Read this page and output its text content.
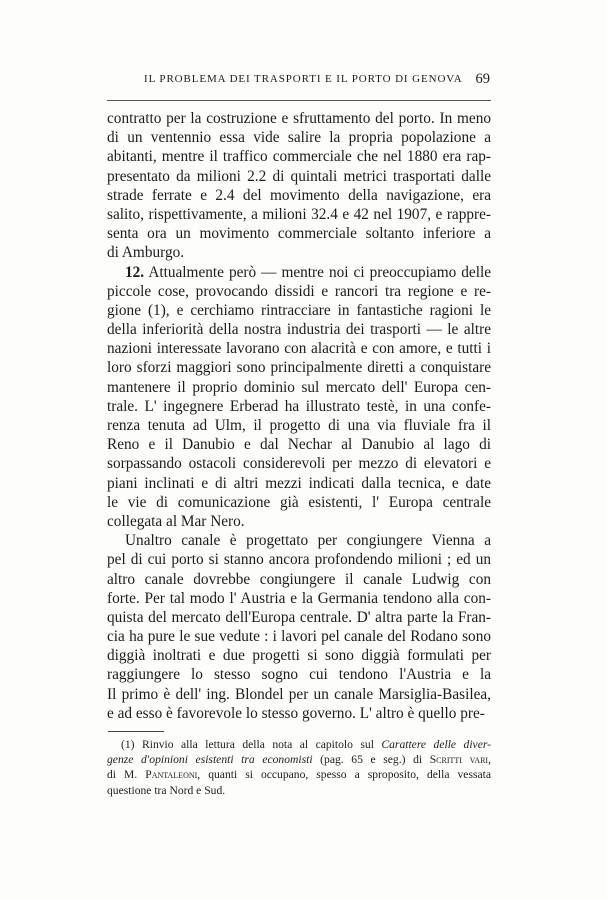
IL PROBLEMA DEI TRASPORTI E IL PORTO DI GENOVA 69
contratto per la costruzione e sfruttamento del porto. In meno
di un ventennio essa vide salire la propria popolazione a
abitanti, mentre il traffico commerciale che nel 1880 era rap-
presentato da milioni 2.2 di quintali metrici trasportati dalle
strade ferrate e 2.4 del movimento della navigazione, era
salito, rispettivamente, a milioni 32.4 e 42 nel 1907, e rappre-
senta ora un movimento commerciale soltanto inferiore a
di Amburgo.
12. Attualmente però — mentre noi ci preoccupiamo delle
piccole cose, provocando dissidi e rancori tra regione e re-
gione (1), e cerchiamo rintracciare in fantastiche ragioni le
della inferiorità della nostra industria dei trasporti — le altre
nazioni interessate lavorano con alacrità e con amore, e tutti i
loro sforzi maggiori sono principalmente diretti a conquistare
mantenere il proprio dominio sul mercato dell' Europa cen-
trale. L' ingegnere Erberad ha illustrato testè, in una confe-
renza tenuta ad Ulm, il progetto di una via fluviale fra il
Reno e il Danubio e dal Nechar al Danubio al lago di
sorpassando ostacoli considerevoli per mezzo di elevatori e
piani inclinati e di altri mezzi indicati dalla tecnica, e date
le vie di comunicazione già esistenti, l' Europa centrale
collegata al Mar Nero.
Unaltro canale è progettato per congiungere Vienna a
pel di cui porto si stanno ancora profondendo milioni ; ed un
altro canale dovrebbe congiungere il canale Ludwig con
forte. Per tal modo l' Austria e la Germania tendono alla con-
quista del mercato dell'Europa centrale. D' altra parte la Fran-
cia ha pure le sue vedute : i lavori pel canale del Rodano sono
diggià inoltrati e due progetti si sono diggià formulati per
raggiungere lo stesso sogno cui tendono l'Austria e la
Il primo è dell' ing. Blondel per un canale Marsiglia-Basilea,
e ad esso è favorevole lo stesso governo. L' altro è quello pre-
(1) Rinvio alla lettura della nota al capitolo sul Carattere delle diver-
genze d'opinioni esistenti tra economisti (pag. 65 e seg.) di Scritti vari,
di M. Pantaleoni, quanti si occupano, spesso a sproposito, della vessata
questione tra Nord e Sud.
